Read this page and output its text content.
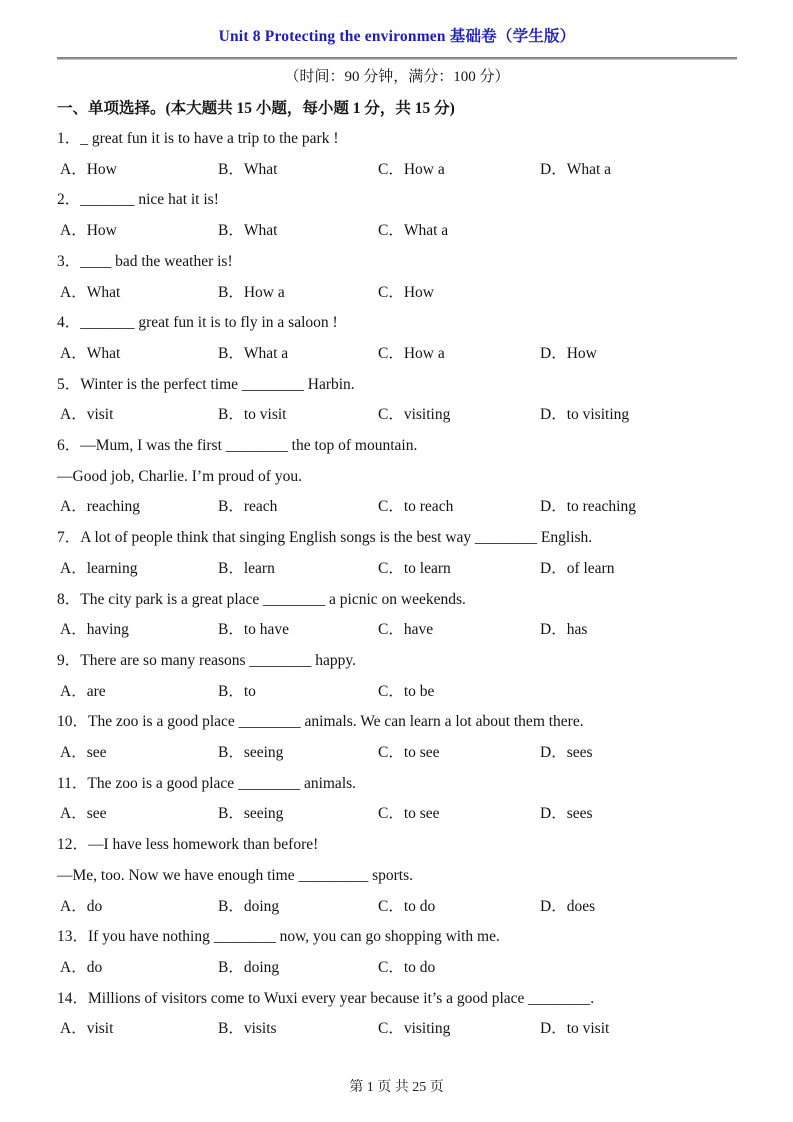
Unit 8 Protecting the environmen 基础卷（学生版）
（时间：90 分钟，满分：100 分）
一、单项选择。(本大题共 15 小题，每小题 1 分，共 15 分)
1．_ great fun it is to have a trip to the park !
A．How	B．What	C．How a	D．What a
2．_______ nice hat it is!
A．How	B．What	C．What a
3．____ bad the weather is!
A．What	B．How a	C．How
4．_______ great fun it is to fly in a saloon !
A．What	B．What a	C．How a	D．How
5．Winter is the perfect time ________ Harbin.
A．visit	B．to visit	C．visiting	D．to visiting
6．—Mum, I was the first ________ the top of mountain.
—Good job, Charlie. I’m proud of you.
A．reaching	B．reach	C．to reach	D．to reaching
7．A lot of people think that singing English songs is the best way ________ English.
A．learning	B．learn	C．to learn	D．of learn
8．The city park is a great place ________ a picnic on weekends.
A．having	B．to have	C．have	D．has
9．There are so many reasons ________ happy.
A．are	B．to	C．to be
10．The zoo is a good place ________ animals. We can learn a lot about them there.
A．see	B．seeing	C．to see	D．sees
11．The zoo is a good place ________ animals.
A．see	B．seeing	C．to see	D．sees
12．—I have less homework than before!
—Me, too. Now we have enough time _________ sports.
A．do	B．doing	C．to do	D．does
13．If you have nothing ________ now, you can go shopping with me.
A．do	B．doing	C．to do
14．Millions of visitors come to Wuxi every year because it’s a good place ________.
A．visit	B．visits	C．visiting	D．to visit
第 1 页 共 25 页
